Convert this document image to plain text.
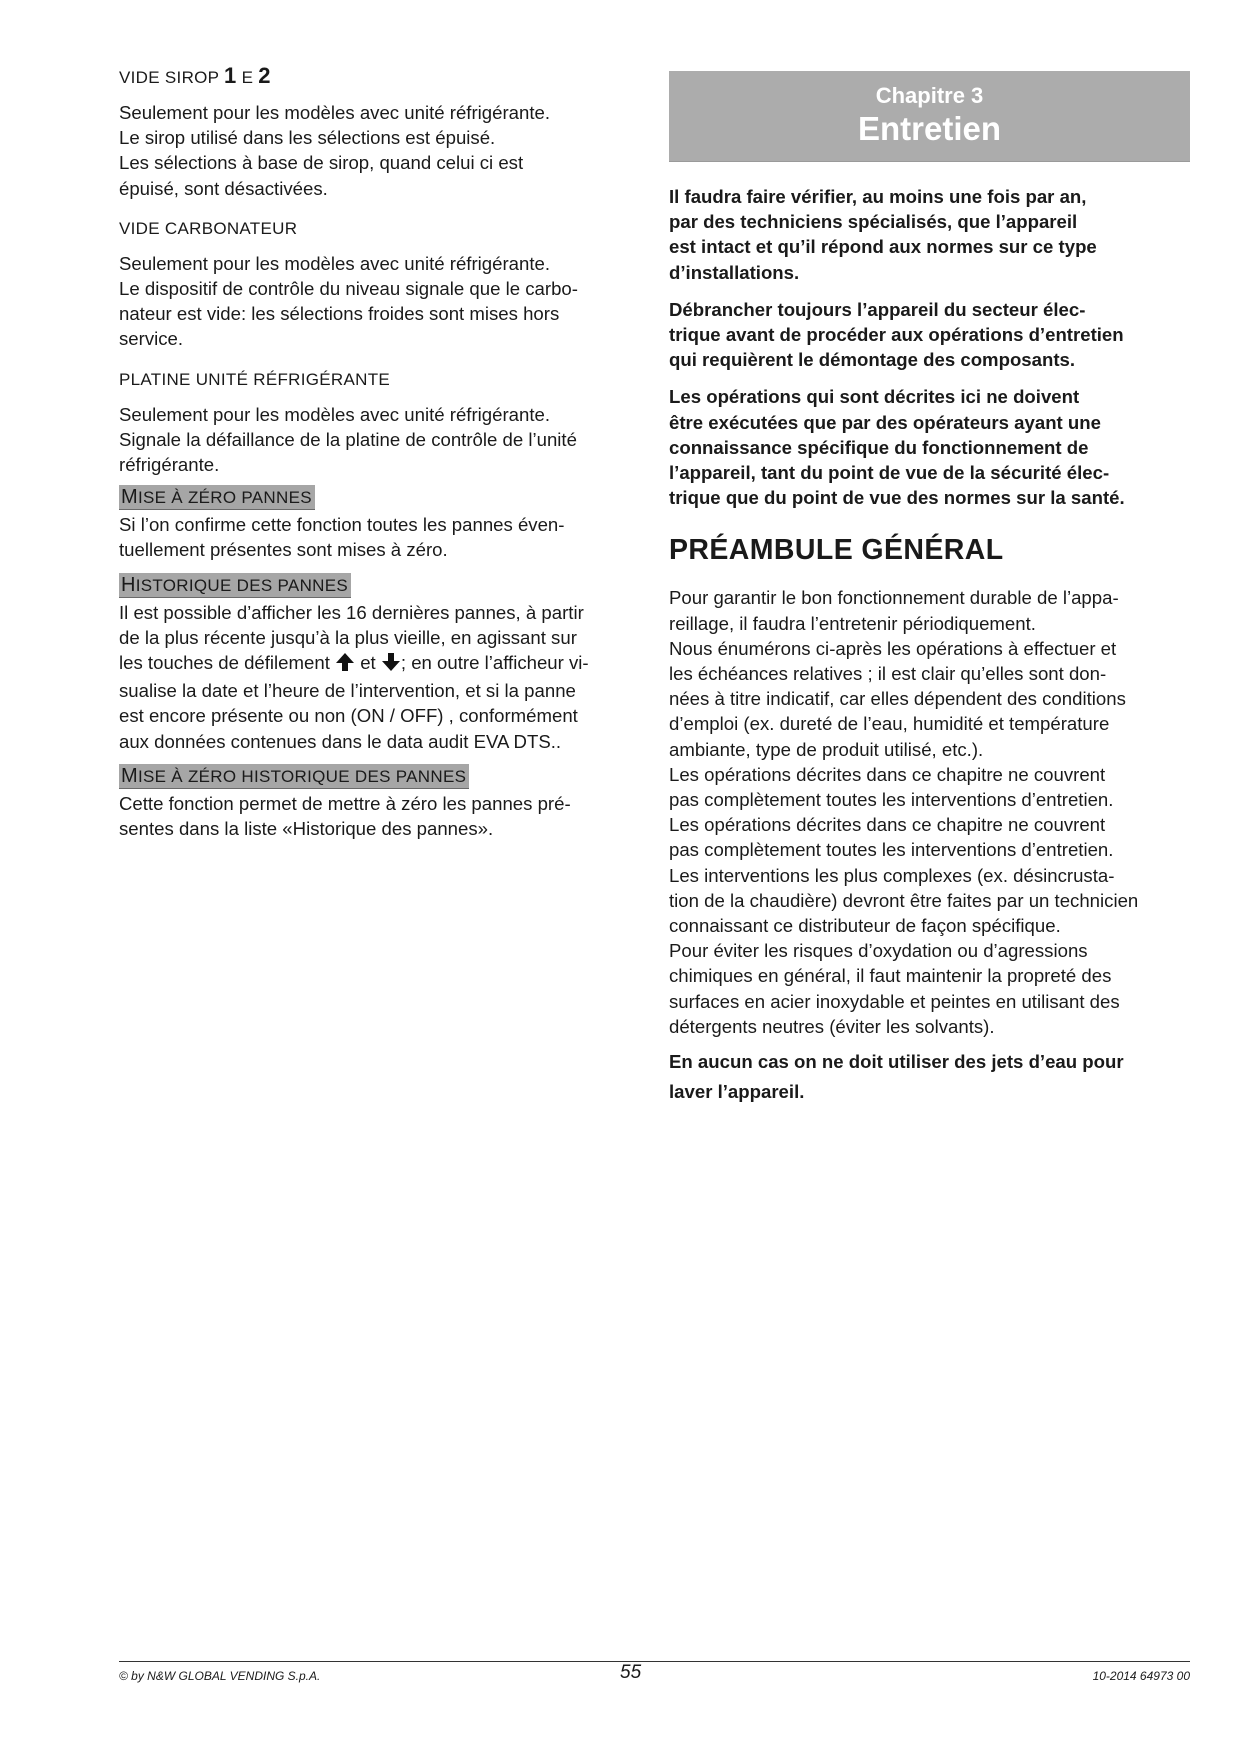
VIDE SIROP 1 E 2

Seulement pour les modèles avec unité réfrigérante.
Le sirop utilisé dans les sélections est épuisé.
Les sélections à base de sirop, quand celui ci est
épuisé, sont désactivées.

VIDE CARBONATEUR

Seulement pour les modèles avec unité réfrigérante.
Le dispositif de contrôle du niveau signale que le carbo-
nateur est vide: les sélections froides sont mises hors
service.

PLATINE UNITÉ RÉFRIGÉRANTE

Seulement pour les modèles avec unité réfrigérante.
Signale la défaillance de la platine de contrôle de l’unité
réfrigérante.

MISE À ZÉRO PANNES

Si l’on confirme cette fonction toutes les pannes éven-
tuellement présentes sont mises à zéro.

HISTORIQUE DES PANNES

Il est possible d’afficher les 16 dernières pannes, à partir
de la plus récente jusqu’à la plus vieille, en agissant sur
les touches de défilement  et ; en outre l’afficheur vi-
sualise la date et l’heure de l’intervention, et si la panne
est encore présente ou non (ON / OFF) , conformément
aux données contenues dans le data audit EVA DTS..

MISE À ZÉRO HISTORIQUE DES PANNES

Cette fonction permet de mettre à zéro les pannes pré-
sentes dans la liste «Historique des pannes».

Chapitre 3
Entretien

Il faudra faire vérifier, au moins une fois par an,
par des techniciens spécialisés, que l’appareil
est intact et qu’il répond aux normes sur ce type
d’installations.

Débrancher toujours l’appareil du secteur élec-
trique avant de procéder aux opérations d’entretien
qui requièrent le démontage des composants.

Les opérations qui sont décrites ici ne doivent
être exécutées que par des opérateurs ayant une
connaissance spécifique du fonctionnement de
l’appareil, tant du point de vue de la sécurité élec-
trique que du point de vue des normes sur la santé.

PRÉAMBULE GÉNÉRAL

Pour garantir le bon fonctionnement durable de l’appa-
reillage, il faudra l’entretenir périodiquement.
Nous énumérons ci-après les opérations à effectuer et
les échéances relatives ; il est clair qu’elles sont don-
nées à titre indicatif, car elles dépendent des conditions
d’emploi (ex. dureté de l’eau, humidité et température
ambiante, type de produit utilisé, etc.).
Les opérations décrites dans ce chapitre ne couvrent
pas complètement toutes les interventions d’entretien.
Les opérations décrites dans ce chapitre ne couvrent
pas complètement toutes les interventions d’entretien.
Les interventions les plus complexes (ex. désincrusta-
tion de la chaudière) devront être faites par un technicien
connaissant ce distributeur de façon spécifique.
Pour éviter les risques d’oxydation ou d’agressions
chimiques en général, il faut maintenir la propreté des
surfaces en acier inoxydable et peintes en utilisant des
détergents neutres (éviter les solvants).

En aucun cas on ne doit utiliser des jets d’eau pour
laver l’appareil.
© by N&W GLOBAL VENDING S.p.A.	55	10-2014 64973 00
